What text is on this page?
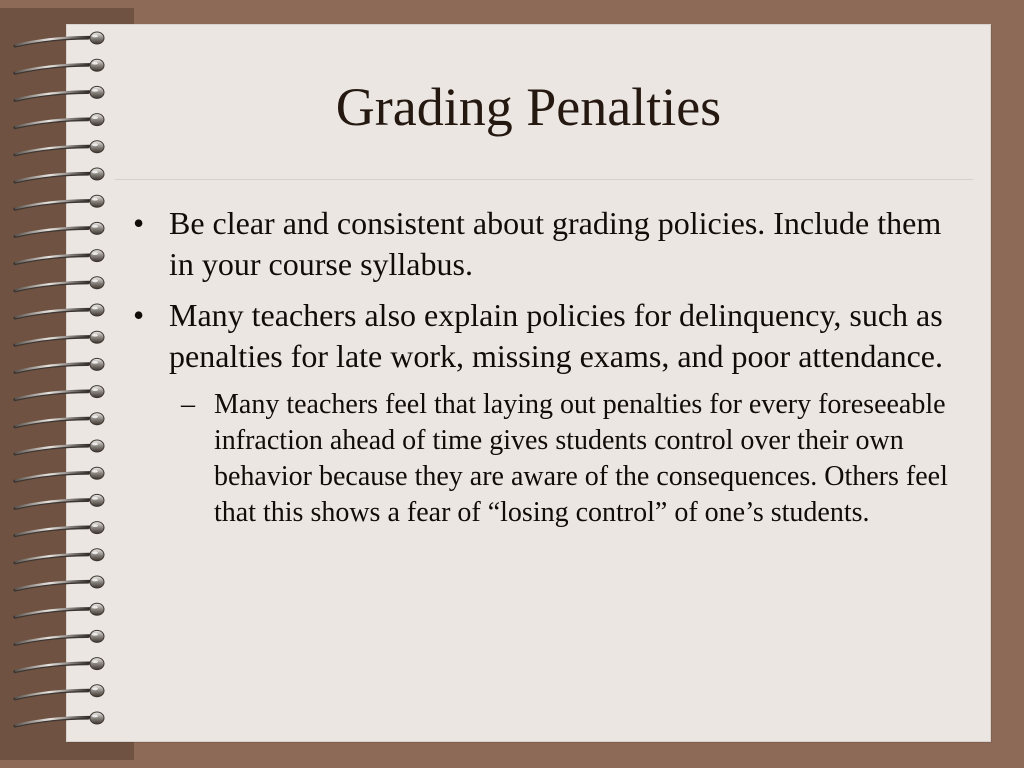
Grading Penalties
• Be clear and consistent about grading policies. Include them in your course syllabus.
• Many teachers also explain policies for delinquency, such as penalties for late work, missing exams, and poor attendance.
– Many teachers feel that laying out penalties for every foreseeable infraction ahead of time gives students control over their own behavior because they are aware of the consequences. Others feel that this shows a fear of “losing control” of one’s students.
